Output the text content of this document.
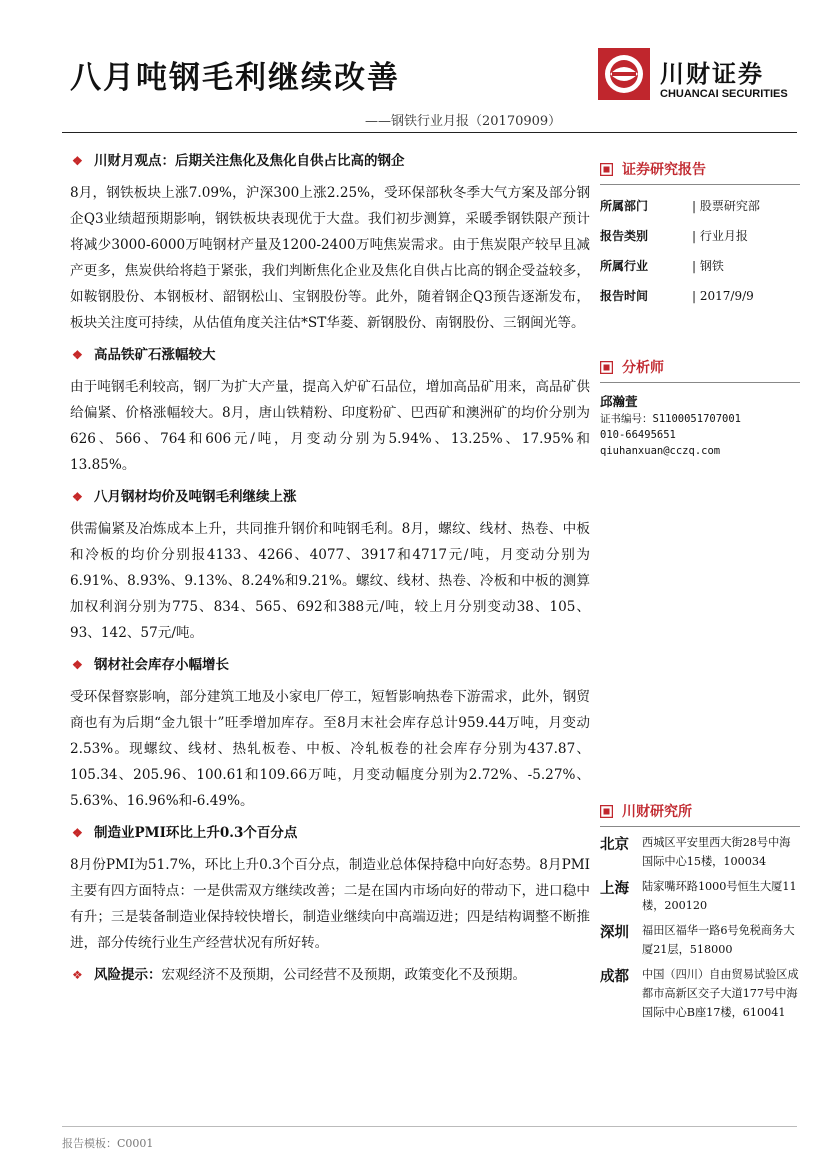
八月吨钢毛利继续改善
——钢铁行业月报（20170909）
川财证券
CHUANCAI SECURITIES
❖ 川财月观点：后期关注焦化及焦化自供占比高的钢企

8月，钢铁板块上涨7.09%，沪深300上涨2.25%，受环保部秋冬季大气方案及部分钢企Q3业绩超预期影响，钢铁板块表现优于大盘。我们初步测算，采暖季钢铁限产预计将减少3000-6000万吨钢材产量及1200-2400万吨焦炭需求。由于焦炭限产较早且减产更多，焦炭供给将趋于紧张，我们判断焦化企业及焦化自供占比高的钢企受益较多，如鞍钢股份、本钢板材、韶钢松山、宝钢股份等。此外，随着钢企Q3预告逐渐发布，板块关注度可持续，从估值角度关注估*ST华菱、新钢股份、南钢股份、三钢闽光等。

❖ 高品铁矿石涨幅较大

由于吨钢毛利较高，钢厂为扩大产量，提高入炉矿石品位，增加高品矿用来，高品矿供给偏紧、价格涨幅较大。8月，唐山铁精粉、印度粉矿、巴西矿和澳洲矿的均价分别为626、566、764和606元/吨，月变动分别为5.94%、13.25%、17.95%和13.85%。

❖ 八月钢材均价及吨钢毛利继续上涨

供需偏紧及冶炼成本上升，共同推升钢价和吨钢毛利。8月，螺纹、线材、热卷、中板和冷板的均价分别报4133、4266、4077、3917和4717元/吨，月变动分别为6.91%、8.93%、9.13%、8.24%和9.21%。螺纹、线材、热卷、冷板和中板的测算加权利润分别为775、834、565、692和388元/吨，较上月分别变动38、105、93、142、57元/吨。

❖ 钢材社会库存小幅增长

受环保督察影响，部分建筑工地及小家电厂停工，短暂影响热卷下游需求，此外，钢贸商也有为后期“金九银十”旺季增加库存。至8月末社会库存总计959.44万吨，月变动2.53%。现螺纹、线材、热轧板卷、中板、冷轧板卷的社会库存分别为437.87、105.34、205.96、100.61和109.66万吨，月变动幅度分别为2.72%、-5.27%、5.63%、16.96%和-6.49%。

❖ 制造业PMI环比上升0.3个百分点

8月份PMI为51.7%，环比上升0.3个百分点，制造业总体保持稳中向好态势。8月PMI主要有四方面特点：一是供需双方继续改善；二是在国内市场向好的带动下，进口稳中有升；三是装备制造业保持较快增长，制造业继续向中高端迈进；四是结构调整不断推进，部分传统行业生产经营状况有所好转。

❖ 风险提示：宏观经济不及预期，公司经营不及预期，政策变化不及预期。
证券研究报告
所属部门	| 股票研究部
报告类别	| 行业月报
所属行业	| 钢铁
报告时间	| 2017/9/9
分析师
邱瀚萱
证书编号：S1100051707001
010-66495651
qiuhanxuan@cczq.com
川财研究所
北京 西城区平安里西大街28号中海国际中心15楼，100034
上海 陆家嘴环路1000号恒生大厦11楼，200120
深圳 福田区福华一路6号免税商务大厦21层，518000
成都 中国（四川）自由贸易试验区成都市高新区交子大道177号中海国际中心B座17楼，610041
报告模板：C0001
